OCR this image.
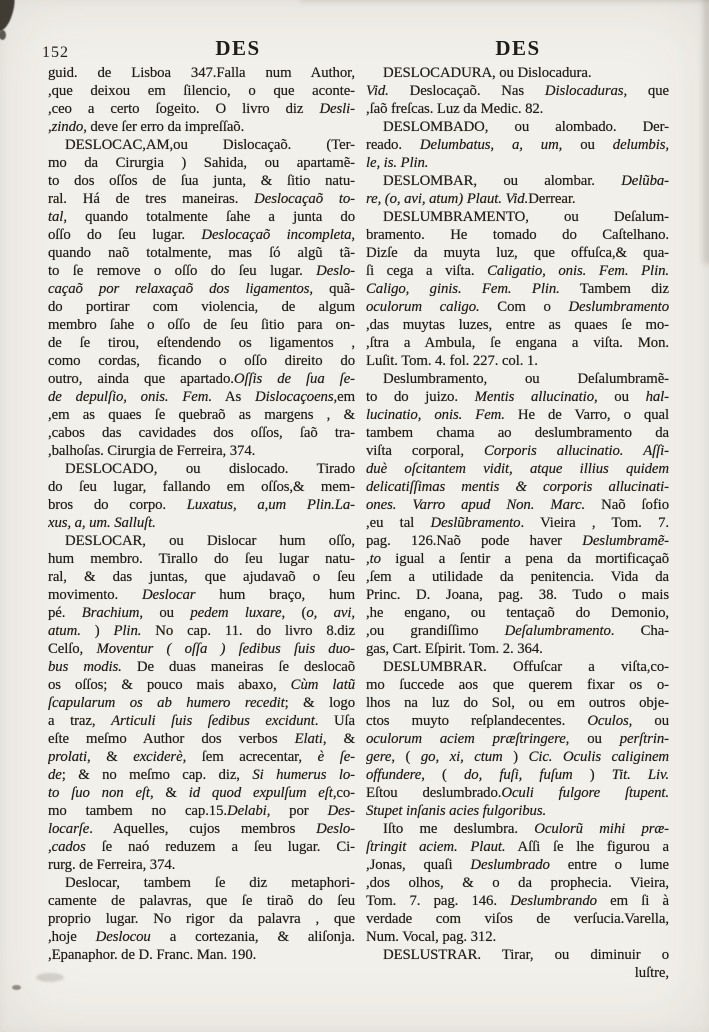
152	DES	DES
guid. de Lisboa 347.Falla num Author,
,que deixou em ſilencio, o que aconte-
,ceo a certo ſogeito. O livro diz Desli-
,zindo, deve ſer erro da impreſſaõ.
DESLOCAC,AM,ou Dislocaçaõ. (Ter-
mo da Cirurgia ) Sahida, ou apartamẽ-
to dos oſſos de ſua junta, & ſitio natu-
ral. Há de tres maneiras. Deslocaçaõ to-
tal, quando totalmente ſahe a junta do
oſſo do ſeu lugar. Deslocaçaõ incompleta,
quando naõ totalmente, mas ſó algũ tã-
to ſe remove o oſſo do ſeu lugar. Deslo-
caçaõ por relaxaçaõ dos ligamentos, quã-
do portirar com violencia, de algum
membro ſahe o oſſo de ſeu ſitio para on-
de ſe tirou, eſtendendo os ligamentos ,
como cordas, ficando o oſſo direito do
outro, ainda que apartado.Oſſis de ſua ſe-
de depulſio, onis. Fem. As Dislocaçoens,em
,em as quaes ſe quebraõ as margens , &
,cabos das cavidades dos oſſos, ſaõ tra-
,balhoſas. Cirurgia de Ferreira, 374.
DESLOCADO, ou dislocado. Tirado
do ſeu lugar, fallando em oſſos,& mem-
bros do corpo. Luxatus, a,um Plin.La-
xus, a, um. Salluſt.
DESLOCAR, ou Dislocar hum oſſo,
hum membro. Tirallo do ſeu lugar natu-
ral, & das juntas, que ajudavaõ o ſeu
movimento. Deslocar hum braço, hum
pé. Brachium, ou pedem luxare, (o, avi,
atum. ) Plin. No cap. 11. do livro 8.diz
Celſo, Moventur ( oſſa ) ſedibus ſuis duo-
bus modis. De duas maneiras ſe deslocaõ
os oſſos; & pouco mais abaxo, Cùm latũ
ſcapularum os ab humero recedit; & logo
a traz, Articuli ſuis ſedibus excidunt. Uſa
eſte meſmo Author dos verbos Elati, &
prolati, & exciderè, ſem acrecentar, è ſe-
de; & no meſmo cap. diz, Si humerus lo-
to ſuo non eſt, & id quod expulſum eſt,co-
mo tambem no cap.15.Delabi, por Des-
locarſe. Aquelles, cujos membros Deslo-
,cados ſe naó reduzem a ſeu lugar. Ci-
rurg. de Ferreira, 374.
Deslocar, tambem ſe diz metaphori-
camente de palavras, que ſe tiraõ do ſeu
proprio lugar. No rigor da palavra , que
,hoje Deslocou a cortezania, & aliſonja.
,Epanaphor. de D. Franc. Man. 190.
DESLOCADURA, ou Dislocadura.
Vid. Deslocaçaõ. Nas Dislocaduras, que
,ſaõ freſcas. Luz da Medic. 82.
DESLOMBADO, ou alombado. Der-
reado. Delumbatus, a, um, ou delumbis,
le, is. Plin.
DESLOMBAR, ou alombar. Delũba-
re, (o, avi, atum) Plaut. Vid.Derrear.
DESLUMBRAMENTO, ou Deſalum-
bramento. He tomado do Caſtelhano.
Dizſe da muyta luz, que offuſca,& qua-
ſi cega a viſta. Caligatio, onis. Fem. Plin.
Caligo, ginis. Fem. Plin. Tambem diz
oculorum caligo. Com o Deslumbramento
,das muytas luzes, entre as quaes ſe mo-
,ſtra a Ambula, ſe engana a viſta. Mon.
Luſit. Tom. 4. fol. 227. col. 1.
Deslumbramento, ou Deſalumbramẽ-
to do juizo. Mentis allucinatio, ou hal-
lucinatio, onis. Fem. He de Varro, o qual
tambem chama ao deslumbramento da
viſta corporal, Corporis allucinatio. Aſſi-
duè oſcitantem vidit, atque illius quidem
delicatiſſimas mentis & corporis allucinati-
ones. Varro apud Non. Marc. Naõ ſofio
,eu tal Deslũbramento. Vieira , Tom. 7.
pag. 126.Naõ pode haver Deslumbramẽ-
,to igual a ſentir a pena da mortificaçaõ
,ſem a utilidade da penitencia. Vida da
Princ. D. Joana, pag. 38. Tudo o mais
,he engano, ou tentaçaõ do Demonio,
,ou grandiſſimo Deſalumbramento. Cha-
gas, Cart. Eſpirit. Tom. 2. 364.
DESLUMBRAR. Offuſcar a viſta,co-
mo ſuccede aos que querem fixar os o-
lhos na luz do Sol, ou em outros obje-
ctos muyto reſplandecentes. Oculos, ou
oculorum aciem præſtringere, ou perſtrin-
gere, ( go, xi, ctum ) Cic. Oculis caliginem
offundere, ( do, fuſi, fuſum ) Tit. Liv.
Eſtou deslumbrado.Oculi fulgore ſtupent.
Stupet inſanis acies fulgoribus.
Iſto me deslumbra. Oculorũ mihi præ-
ſtringit aciem. Plaut. Aſſi ſe lhe figurou a
,Jonas, quaſi Deslumbrado entre o lume
,dos olhos, & o da prophecia. Vieira,
Tom. 7. pag. 146. Deslumbrando em ſi à
verdade com viſos de verſucia.Varella,
Num. Vocal, pag. 312.
DESLUSTRAR. Tirar, ou diminuir o
luſtre,
